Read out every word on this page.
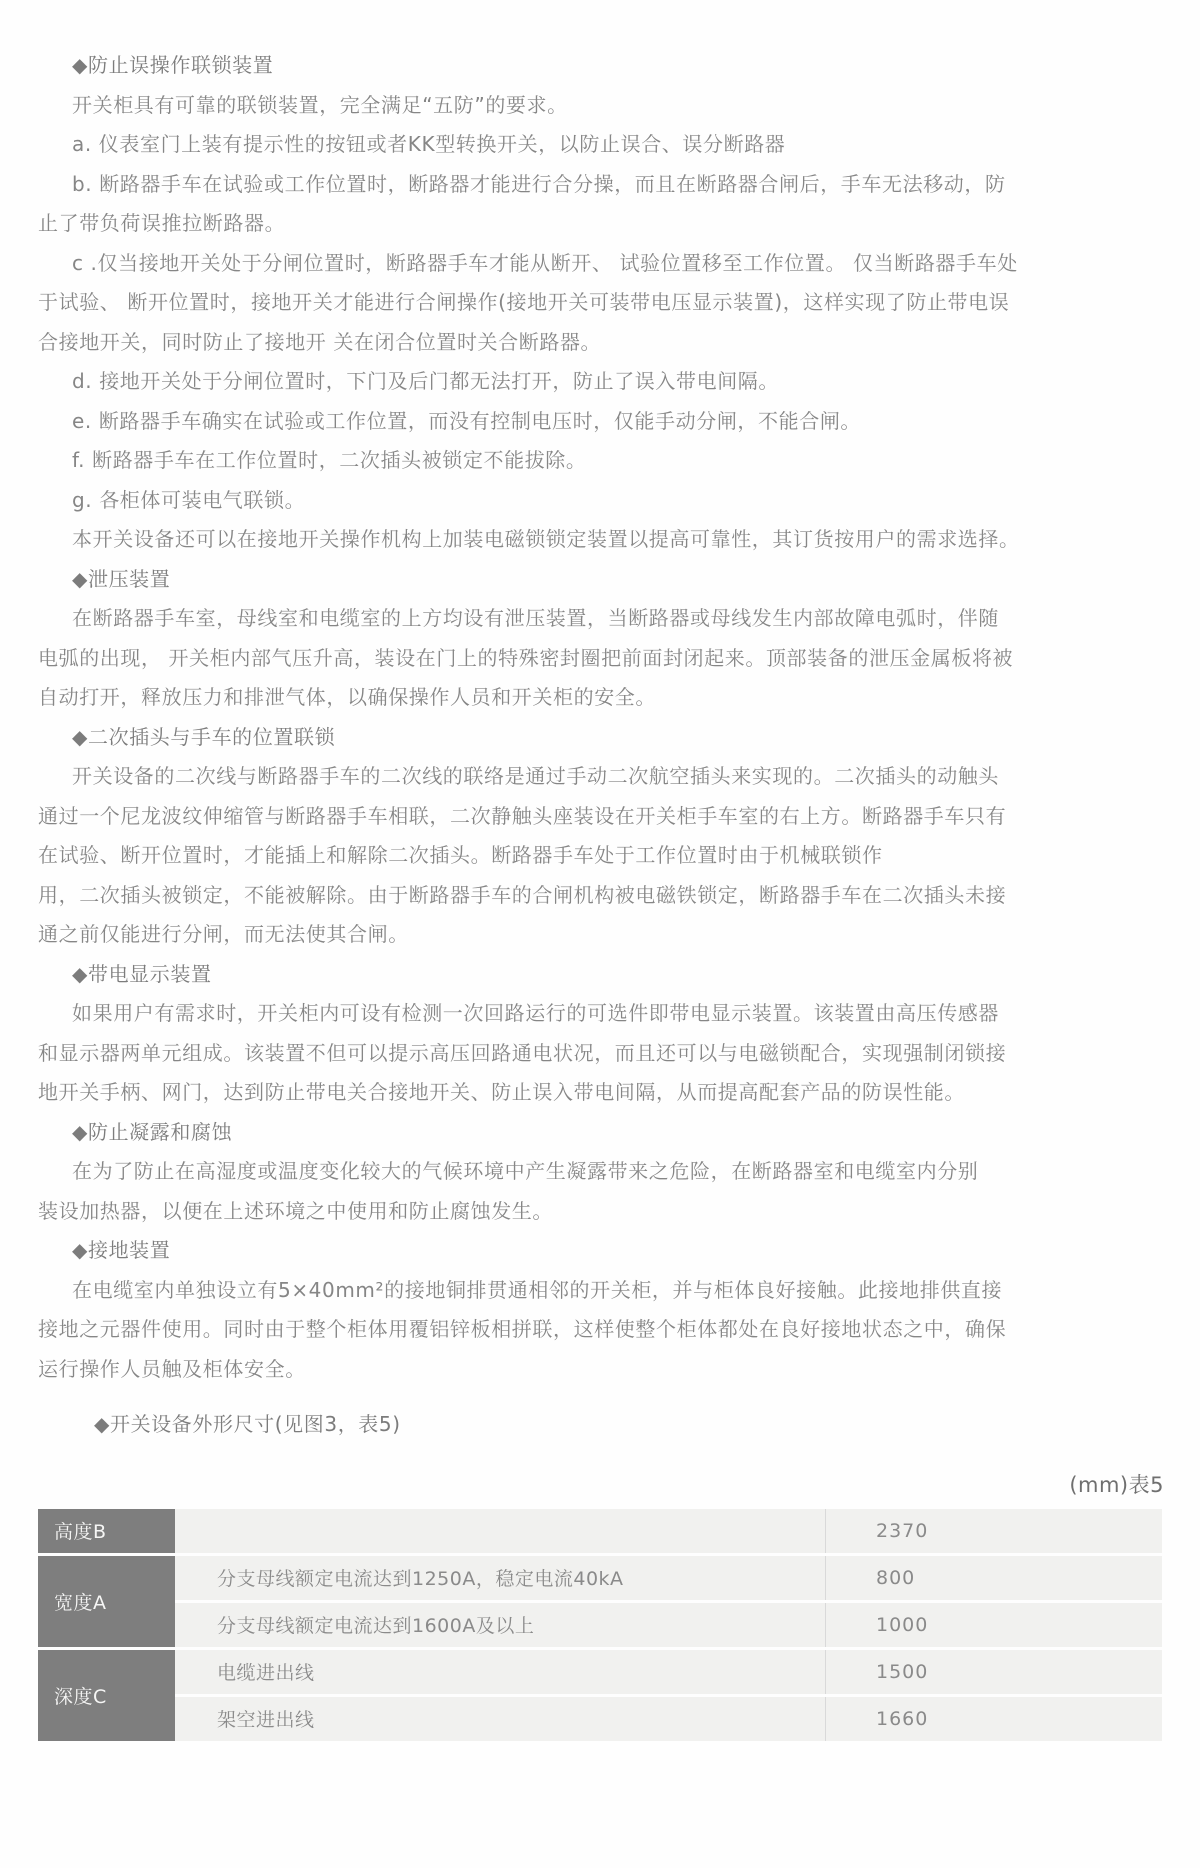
◆防止误操作联锁装置
开关柜具有可靠的联锁装置，完全满足“五防”的要求。
a. 仪表室门上装有提示性的按钮或者KK型转换开关，以防止误合、误分断路器
b. 断路器手车在试验或工作位置时，断路器才能进行合分操，而且在断路器合闸后，手车无法移动，防
止了带负荷误推拉断路器。
c .仅当接地开关处于分闸位置时，断路器手车才能从断开、 试验位置移至工作位置。 仅当断路器手车处
于试验、 断开位置时，接地开关才能进行合闸操作(接地开关可装带电压显示装置)，这样实现了防止带电误
合接地开关，同时防止了接地开 关在闭合位置时关合断路器。
d. 接地开关处于分闸位置时，下门及后门都无法打开，防止了误入带电间隔。
e. 断路器手车确实在试验或工作位置，而没有控制电压时，仅能手动分闸，不能合闸。
f. 断路器手车在工作位置时，二次插头被锁定不能拔除。
g. 各柜体可装电气联锁。
本开关设备还可以在接地开关操作机构上加装电磁锁锁定装置以提高可靠性，其订货按用户的需求选择。
◆泄压装置
在断路器手车室，母线室和电缆室的上方均设有泄压装置，当断路器或母线发生内部故障电弧时，伴随
电弧的出现， 开关柜内部气压升高，装设在门上的特殊密封圈把前面封闭起来。顶部装备的泄压金属板将被
自动打开，释放压力和排泄气体，以确保操作人员和开关柜的安全。
◆二次插头与手车的位置联锁
开关设备的二次线与断路器手车的二次线的联络是通过手动二次航空插头来实现的。二次插头的动触头
通过一个尼龙波纹伸缩管与断路器手车相联，二次静触头座装设在开关柜手车室的右上方。断路器手车只有
在试验、断开位置时，才能插上和解除二次插头。断路器手车处于工作位置时由于机械联锁作
用，二次插头被锁定，不能被解除。由于断路器手车的合闸机构被电磁铁锁定，断路器手车在二次插头未接
通之前仅能进行分闸，而无法使其合闸。
◆带电显示装置
如果用户有需求时，开关柜内可设有检测一次回路运行的可选件即带电显示装置。该装置由高压传感器
和显示器两单元组成。该装置不但可以提示高压回路通电状况，而且还可以与电磁锁配合，实现强制闭锁接
地开关手柄、网门，达到防止带电关合接地开关、防止误入带电间隔，从而提高配套产品的防误性能。
◆防止凝露和腐蚀
在为了防止在高湿度或温度变化较大的气候环境中产生凝露带来之危险，在断路器室和电缆室内分别
装设加热器，以便在上述环境之中使用和防止腐蚀发生。
◆接地装置
在电缆室内单独设立有5×40mm²的接地铜排贯通相邻的开关柜，并与柜体良好接触。此接地排供直接
接地之元器件使用。同时由于整个柜体用覆铝锌板相拼联，这样使整个柜体都处在良好接地状态之中，确保
运行操作人员触及柜体安全。
◆开关设备外形尺寸(见图3，表5)
(mm)表5
高度B	2370
宽度A
分支母线额定电流达到1250A，稳定电流40kA	800
分支母线额定电流达到1600A及以上	1000
深度C
电缆进出线	1500
架空进出线	1660
